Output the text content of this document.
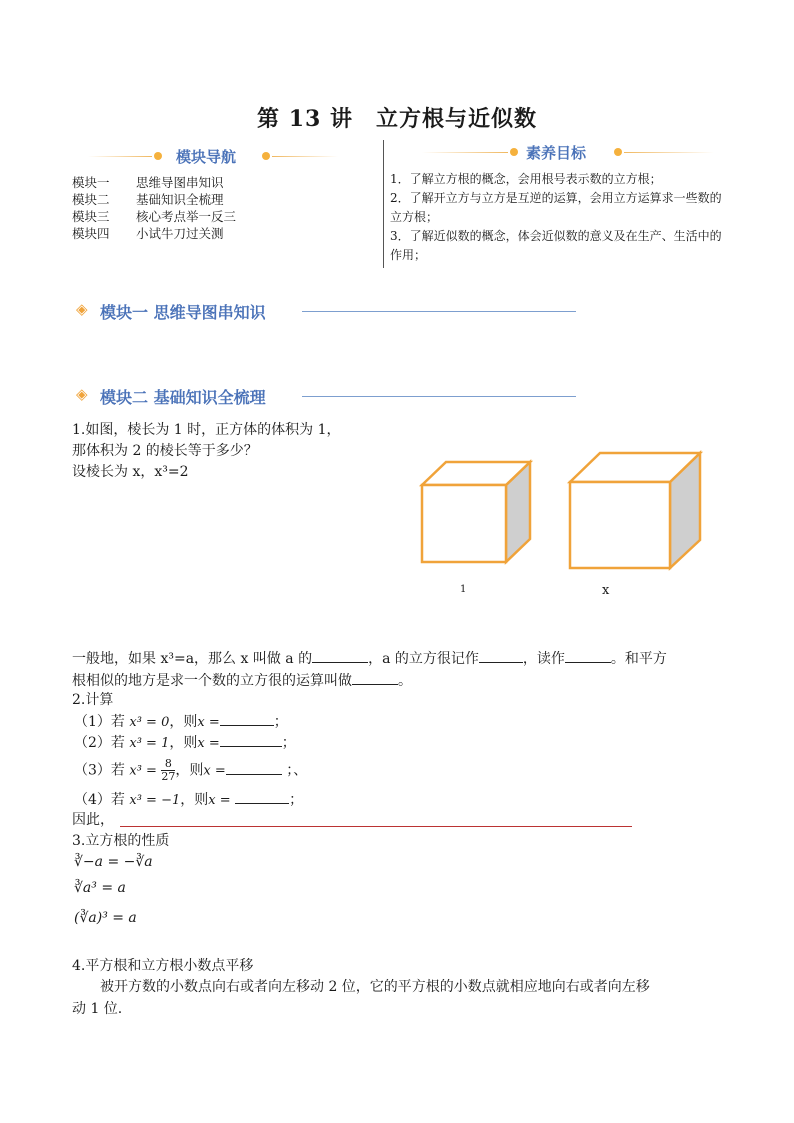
第 13 讲　立方根与近似数
模块导航
模块一 思维导图串知识
模块二 基础知识全梳理
模块三 核心考点举一反三
模块四 小试牛刀过关测
素养目标
1．了解立方根的概念，会用根号表示数的立方根；
2．了解开立方与立方是互逆的运算，会用立方运算求一些数的立方根；
3．了解近似数的概念，体会近似数的意义及在生产、生活中的作用；
◈ 模块一 思维导图串知识
◈ 模块二 基础知识全梳理
1.如图，棱长为 1 时，正方体的体积为 1，
那体积为 2 的棱长等于多少？
设棱长为 x，x³=2
1	x
一般地，如果 x³=a，那么 x 叫做 a 的	，a 的立方很记作	，读作	。和平方
根相似的地方是求一个数的立方很的运算叫做	。
2.计算
（1）若 x³ = 0，则x =	；
（2）若 x³ = 1，则x =	；
（3）若 $x^3 = \frac{8}{27}$ ，则x =	；、
（4）若 x³ = −1，则x =	；
因此，
3.立方根的性质
∛−a = −∛a
∛a³ = a
(∛a)³ = a
4.平方根和立方根小数点平移
被开方数的小数点向右或者向左移动 2 位，它的平方根的小数点就相应地向右或者向左移
动 1 位.
